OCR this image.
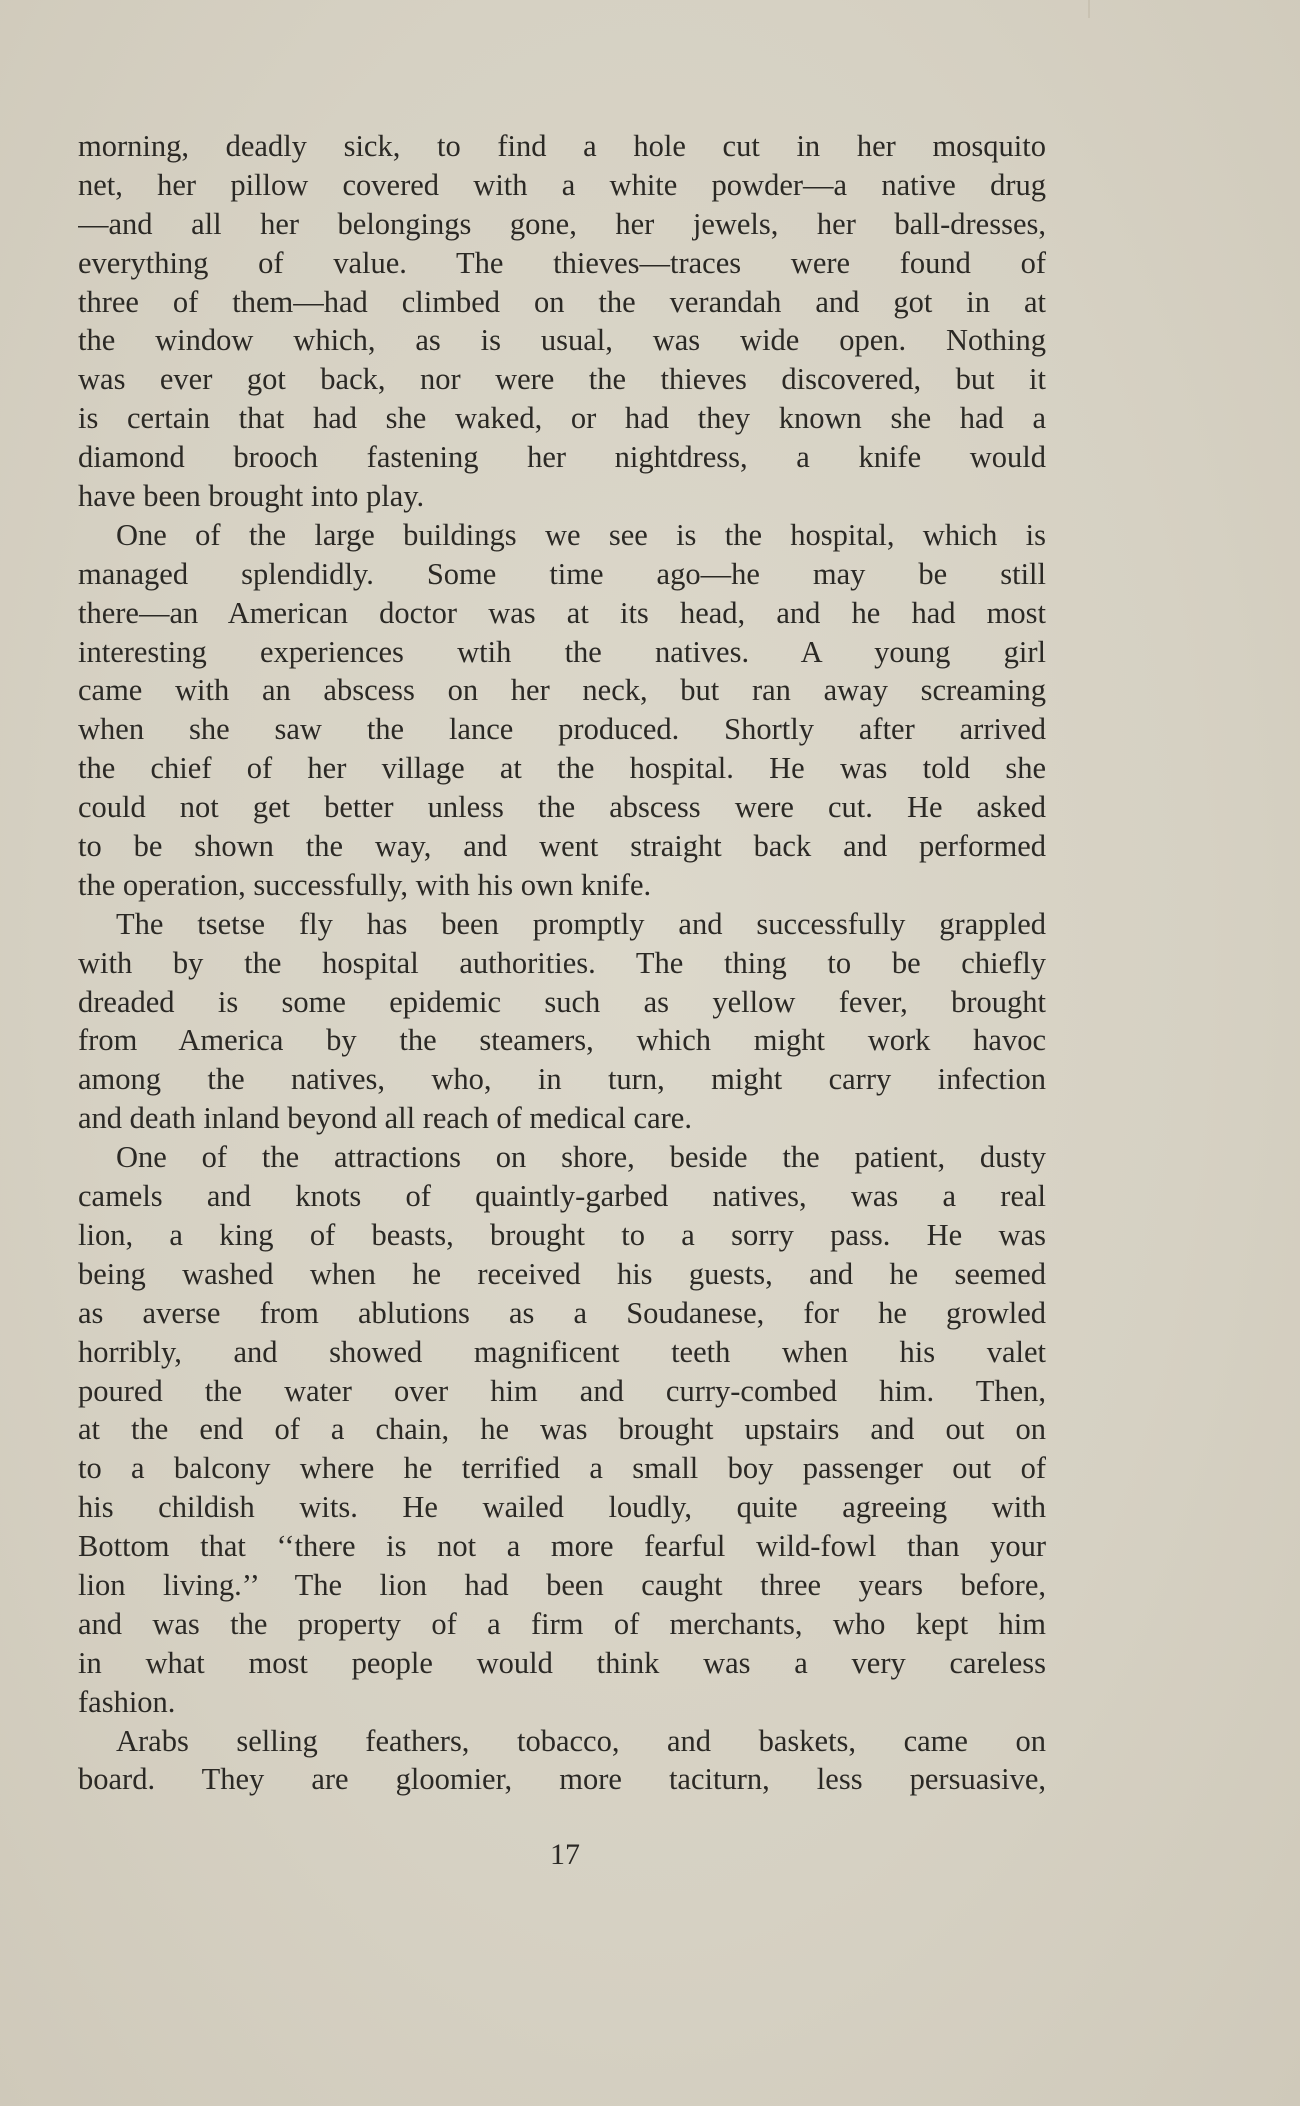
morning, deadly sick, to find a hole cut in her mosquito
net, her pillow covered with a white powder—a native drug
—and all her belongings gone, her jewels, her ball-dresses,
everything of value. The thieves—traces were found of
three of them—had climbed on the verandah and got in at
the window which, as is usual, was wide open. Nothing
was ever got back, nor were the thieves discovered, but it
is certain that had she waked, or had they known she had a
diamond brooch fastening her nightdress, a knife would
have been brought into play.
One of the large buildings we see is the hospital, which is
managed splendidly. Some time ago—he may be still
there—an American doctor was at its head, and he had most
interesting experiences wtih the natives. A young girl
came with an abscess on her neck, but ran away screaming
when she saw the lance produced. Shortly after arrived
the chief of her village at the hospital. He was told she
could not get better unless the abscess were cut. He asked
to be shown the way, and went straight back and performed
the operation, successfully, with his own knife.
The tsetse fly has been promptly and successfully grappled
with by the hospital authorities. The thing to be chiefly
dreaded is some epidemic such as yellow fever, brought
from America by the steamers, which might work havoc
among the natives, who, in turn, might carry infection
and death inland beyond all reach of medical care.
One of the attractions on shore, beside the patient, dusty
camels and knots of quaintly-garbed natives, was a real
lion, a king of beasts, brought to a sorry pass. He was
being washed when he received his guests, and he seemed
as averse from ablutions as a Soudanese, for he growled
horribly, and showed magnificent teeth when his valet
poured the water over him and curry-combed him. Then,
at the end of a chain, he was brought upstairs and out on
to a balcony where he terrified a small boy passenger out of
his childish wits. He wailed loudly, quite agreeing with
Bottom that ‘‘there is not a more fearful wild-fowl than your
lion living.’’ The lion had been caught three years before,
and was the property of a firm of merchants, who kept him
in what most people would think was a very careless
fashion.
Arabs selling feathers, tobacco, and baskets, came on
board. They are gloomier, more taciturn, less persuasive,
17
